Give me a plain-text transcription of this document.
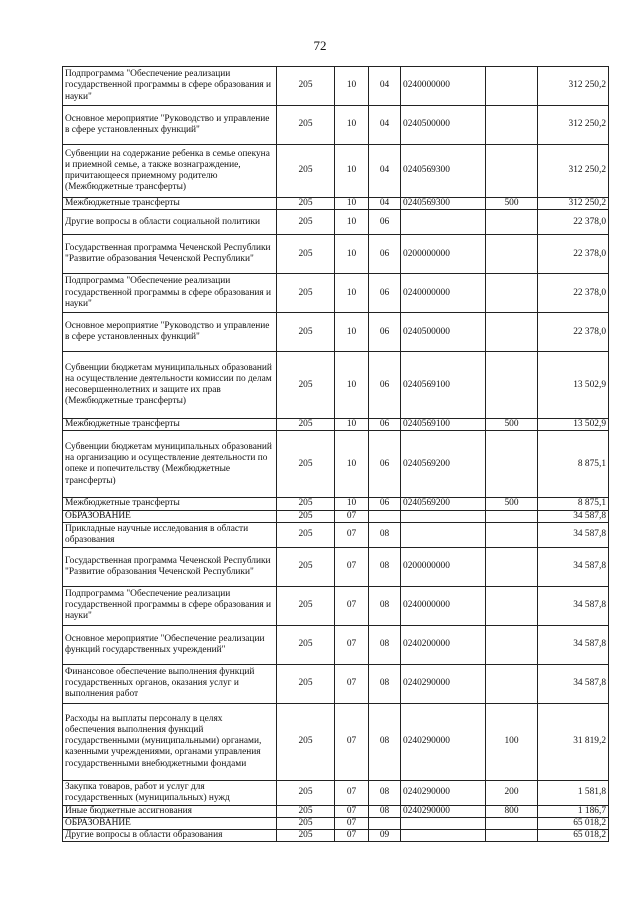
72
Подпрограмма "Обеспечение реализации государственной программы в сфере образования и науки"	205	10	04	0240000000		312 250,2
Основное мероприятие "Руководство и управление в сфере установленных функций"	205	10	04	0240500000		312 250,2
Субвенции на содержание ребенка в семье опекуна и приемной семье, а также вознаграждение, причитающееся приемному родителю (Межбюджетные трансферты)	205	10	04	0240569300		312 250,2
Межбюджетные трансферты	205	10	04	0240569300	500	312 250,2
Другие вопросы в области социальной политики	205	10	06			22 378,0
Государственная программа Чеченской Республики "Развитие образования Чеченской Республики"	205	10	06	0200000000		22 378,0
Подпрограмма "Обеспечение реализации государственной программы в сфере образования и науки"	205	10	06	0240000000		22 378,0
Основное мероприятие "Руководство и управление в сфере установленных функций"	205	10	06	0240500000		22 378,0
Субвенции бюджетам муниципальных образований на осуществление деятельности комиссии по делам несовершеннолетних и защите их прав (Межбюджетные трансферты)	205	10	06	0240569100		13 502,9
Межбюджетные трансферты	205	10	06	0240569100	500	13 502,9
Субвенции бюджетам муниципальных образований на организацию и осуществление деятельности по опеке и попечительству (Межбюджетные трансферты)	205	10	06	0240569200		8 875,1
Межбюджетные трансферты	205	10	06	0240569200	500	8 875,1
ОБРАЗОВАНИЕ	205	07				34 587,8
Прикладные научные исследования в области образования	205	07	08			34 587,8
Государственная программа Чеченской Республики "Развитие образования Чеченской Республики"	205	07	08	0200000000		34 587,8
Подпрограмма "Обеспечение реализации государственной программы в сфере образования и науки"	205	07	08	0240000000		34 587,8
Основное мероприятие "Обеспечение реализации функций государственных учреждений"	205	07	08	0240200000		34 587,8
Финансовое обеспечение выполнения функций государственных органов, оказания услуг и выполнения работ	205	07	08	0240290000		34 587,8
Расходы на выплаты персоналу в целях обеспечения выполнения функций государственными (муниципальными) органами, казенными учреждениями, органами управления государственными внебюджетными фондами	205	07	08	0240290000	100	31 819,2
Закупка товаров, работ и услуг для государственных (муниципальных) нужд	205	07	08	0240290000	200	1 581,8
Иные бюджетные ассигнования	205	07	08	0240290000	800	1 186,7
ОБРАЗОВАНИЕ	205	07				65 018,2
Другие вопросы в области образования	205	07	09			65 018,2
